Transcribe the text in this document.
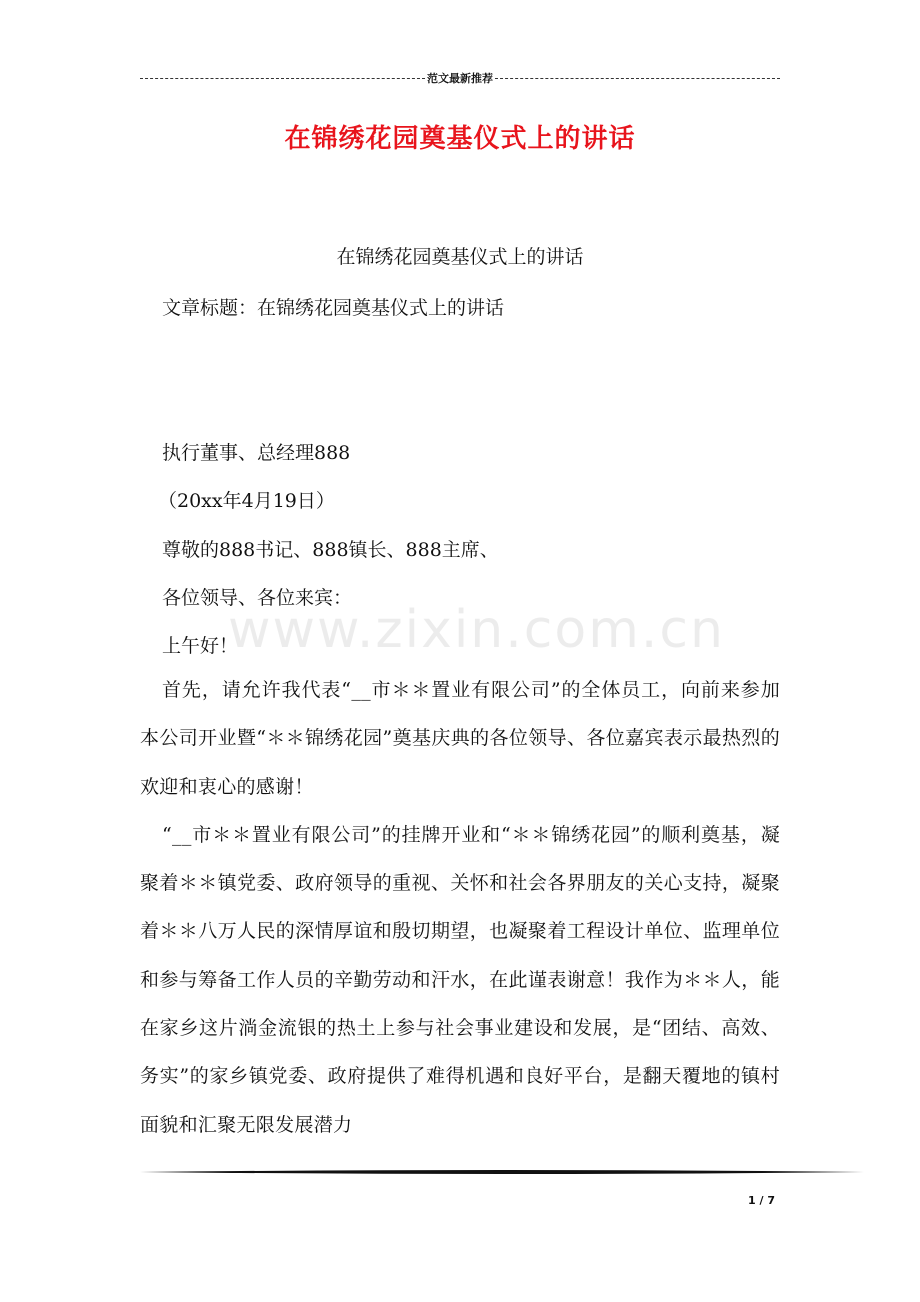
范文最新推荐
在锦绣花园奠基仪式上的讲话
在锦绣花园奠基仪式上的讲话
文章标题：在锦绣花园奠基仪式上的讲话
执行董事、总经理888
（20xx年4月19日）
尊敬的888书记、888镇长、888主席、
各位领导、各位来宾：
上午好！

首先，请允许我代表“__市＊＊置业有限公司”的全体员工，向前来参加本公司开业暨“＊＊锦绣花园”奠基庆典的各位领导、各位嘉宾表示最热烈的欢迎和衷心的感谢！

“__市＊＊置业有限公司”的挂牌开业和“＊＊锦绣花园”的顺利奠基，凝聚着＊＊镇党委、政府领导的重视、关怀和社会各界朋友的关心支持，凝聚着＊＊八万人民的深情厚谊和殷切期望，也凝聚着工程设计单位、监理单位和参与筹备工作人员的辛勤劳动和汗水，在此谨表谢意！我作为＊＊人，能在家乡这片淌金流银的热土上参与社会事业建设和发展，是“团结、高效、务实”的家乡镇党委、政府提供了难得机遇和良好平台，是翻天覆地的镇村面貌和汇聚无限发展潜力

www.zixin.com.cn
1 / 7
